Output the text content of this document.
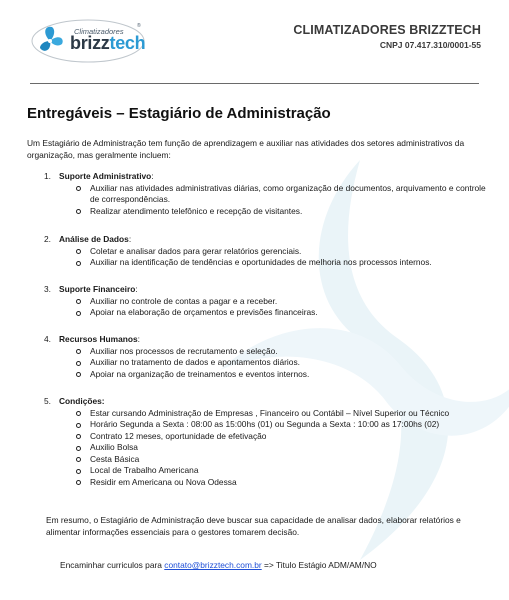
Climatizadores
®
brizztech
CLIMATIZADORES BRIZZTECH
CNPJ 07.417.310/0001-55
Entregáveis – Estagiário de Administração
Um Estagiário de Administração tem função de aprendizagem e auxiliar nas atividades dos setores administrativos da organização, mas geralmente incluem:
1. Suporte Administrativo:
Auxiliar nas atividades administrativas diárias, como organização de documentos, arquivamento e controle de correspondências.
Realizar atendimento telefônico e recepção de visitantes.
2. Análise de Dados:
Coletar e analisar dados para gerar relatórios gerenciais.
Auxiliar na identificação de tendências e oportunidades de melhoria nos processos internos.
3. Suporte Financeiro:
Auxiliar no controle de contas a pagar e a receber.
Apoiar na elaboração de orçamentos e previsões financeiras.
4. Recursos Humanos:
Auxiliar nos processos de recrutamento e seleção.
Auxiliar no tratamento de dados e apontamentos diários.
Apoiar na organização de treinamentos e eventos internos.
5. Condições:
Estar cursando Administração de Empresas , Financeiro ou Contábil – Nível Superior ou Técnico
Horário Segunda a Sexta : 08:00 as 15:00hs (01) ou Segunda a Sexta : 10:00 as 17:00hs (02)
Contrato 12 meses, oportunidade de efetivação
Auxilio Bolsa
Cesta Básica
Local de Trabalho Americana
Residir em Americana ou Nova Odessa
Em resumo, o Estagiário de Administração deve buscar sua capacidade de analisar dados, elaborar relatórios e alimentar informações essenciais para o gestores tomarem decisão.
Encaminhar curriculos para contato@brizztech.com.br => Titulo Estágio ADM/AM/NO
